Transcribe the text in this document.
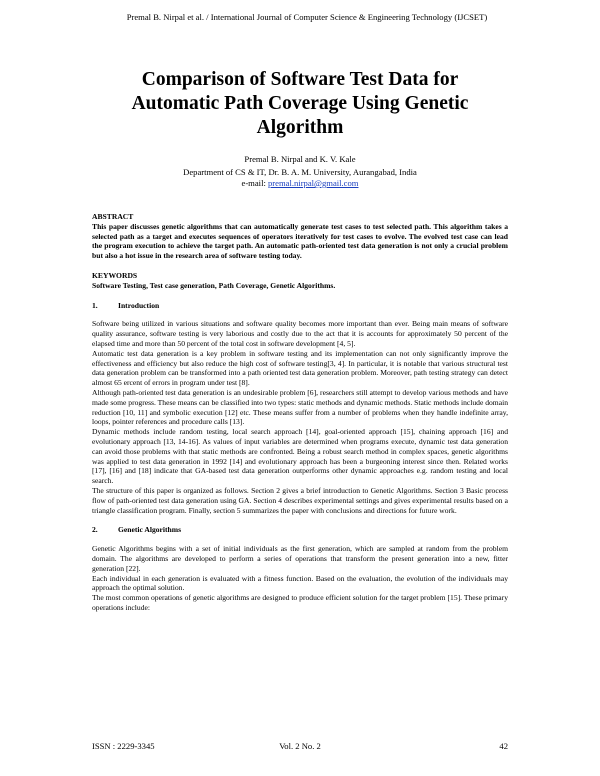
Premal B. Nirpal et al. / International Journal of Computer Science & Engineering Technology (IJCSET)
Comparison of Software Test Data for
Automatic Path Coverage Using Genetic
Algorithm
Premal B. Nirpal and K. V. Kale
Department of CS & IT, Dr. B. A. M. University, Aurangabad, India
e-mail: premal.nirpal@gmail.com
ABSTRACT

This paper discusses genetic algorithms that can automatically generate test cases to test selected path. This algorithm takes a selected path as a target and executes sequences of operators iteratively for test cases to evolve. The evolved test case can lead the program execution to achieve the target path. An automatic path-oriented test data generation is not only a crucial problem but also a hot issue in the research area of software testing today.

KEYWORDS

Software Testing, Test case generation, Path Coverage, Genetic Algorithms.

1.	Introduction

Software being utilized in various situations and software quality becomes more important than ever. Being main means of software quality assurance, software testing is very laborious and costly due to the act that it is accounts for approximately 50 percent of the elapsed time and more than 50 percent of the total cost in software development [4, 5].

Automatic test data generation is a key problem in software testing and its implementation can not only significantly improve the effectiveness and efficiency but also reduce the high cost of software testing[3, 4]. In particular, it is notable that various structural test data generation problem can be transformed into a path oriented test data generation problem. Moreover, path testing strategy can detect almost 65 ercent of errors in program under test [8].

Although path-oriented test data generation is an undesirable problem [6], researchers still attempt to develop various methods and have made some progress. These means can be classified into two types: static methods and dynamic methods. Static methods include domain reduction [10, 11] and symbolic execution [12] etc. These means suffer from a number of problems when they handle indefinite array, loops, pointer references and procedure calls [13].

Dynamic methods include random testing, local search approach [14], goal-oriented approach [15], chaining approach [16] and evolutionary approach [13, 14-16]. As values of input variables are determined when programs execute, dynamic test data generation can avoid those problems with that static methods are confronted. Being a robust search method in complex spaces, genetic algorithms was applied to test data generation in 1992 [14] and evolutionary approach has been a burgeoning interest since then. Related works [17], [16] and [18] indicate that GA-based test data generation outperforms other dynamic approaches e.g. random testing and local search.

The structure of this paper is organized as follows. Section 2 gives a brief introduction to Genetic Algorithms. Section 3 Basic process flow of path-oriented test data generation using GA. Section 4 describes experimental settings and gives experimental results based on a triangle classification program. Finally, section 5 summarizes the paper with conclusions and directions for future work.

2.	Genetic Algorithms

Genetic Algorithms begins with a set of initial individuals as the first generation, which are sampled at random from the problem domain. The algorithms are developed to perform a series of operations that transform the present generation into a new, fitter generation [22].

Each individual in each generation is evaluated with a fitness function. Based on the evaluation, the evolution of the individuals may approach the optimal solution.

The most common operations of genetic algorithms are designed to produce efficient solution for the target problem [15]. These primary operations include:

ISSN : 2229-3345	Vol. 2 No. 2	42
